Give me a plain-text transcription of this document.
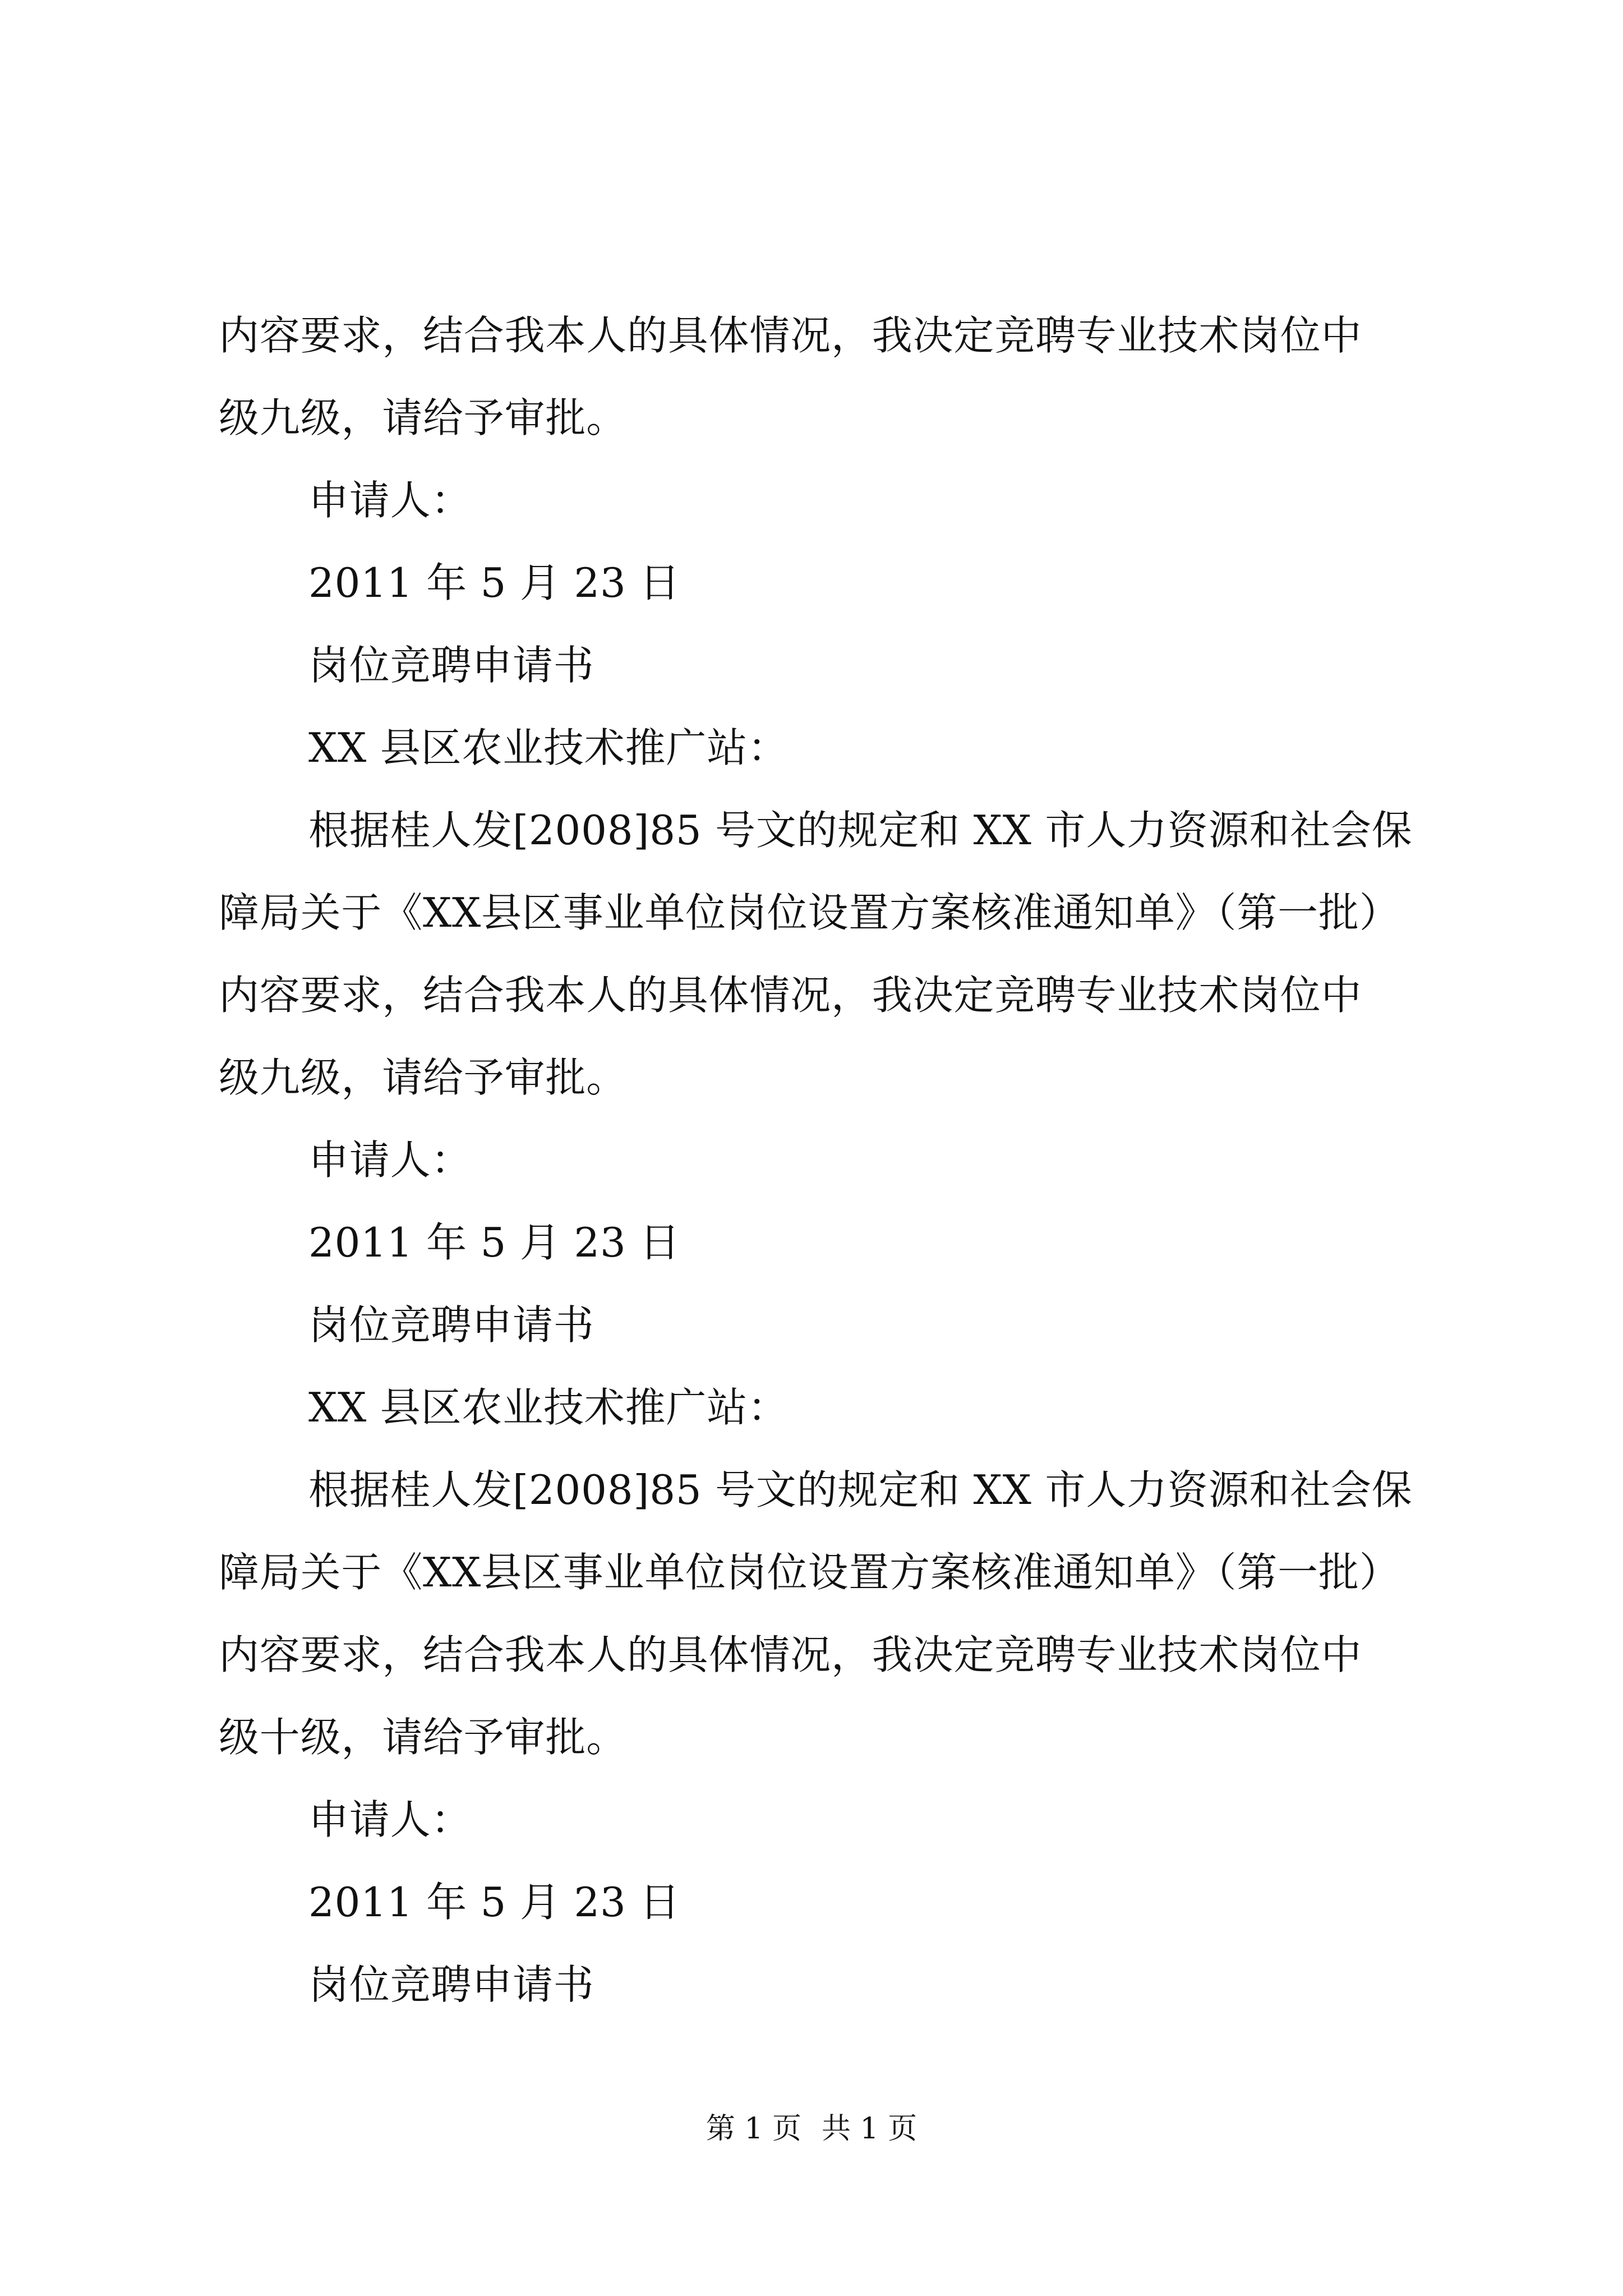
内容要求，结合我本人的具体情况，我决定竞聘专业技术岗位中
级九级，请给予审批。
申请人：
2011 年 5 月 23 日
岗位竞聘申请书
XX 县区农业技术推广站：
根据桂人发[2008]85 号文的规定和 XX 市人力资源和社会保
障局关于《XX县区事业单位岗位设置方案核准通知单》（第一批）
内容要求，结合我本人的具体情况，我决定竞聘专业技术岗位中
级九级，请给予审批。
申请人：
2011 年 5 月 23 日
岗位竞聘申请书
XX 县区农业技术推广站：
根据桂人发[2008]85 号文的规定和 XX 市人力资源和社会保
障局关于《XX县区事业单位岗位设置方案核准通知单》（第一批）
内容要求，结合我本人的具体情况，我决定竞聘专业技术岗位中
级十级，请给予审批。
申请人：
2011 年 5 月 23 日
岗位竞聘申请书
第 1 页 共 1 页
